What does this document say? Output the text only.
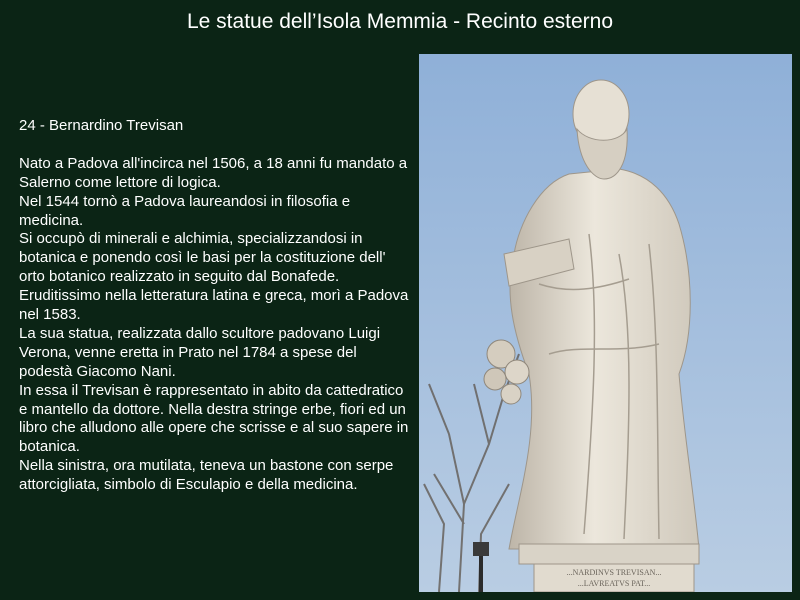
Le statue dell’Isola Memmia - Recinto esterno
24 - Bernardino Trevisan
Nato a Padova all'incirca nel 1506, a 18 anni fu mandato a Salerno come lettore di logica.
Nel 1544 tornò a Padova laureandosi in filosofia e medicina.
Si occupò di minerali e alchimia, specializzandosi in botanica e ponendo così le basi per la costituzione dell' orto botanico realizzato in seguito dal Bonafede.
Eruditissimo nella letteratura latina e greca, morì a Padova nel 1583.
La sua statua, realizzata dallo scultore padovano Luigi Verona, venne eretta in Prato nel 1784 a spese del podestà Giacomo Nani.
In essa il Trevisan è rappresentato in abito da cattedratico e mantello da dottore. Nella destra stringe erbe, fiori ed un libro che alludono alle opere che scrisse e al suo sapere in botanica.
Nella sinistra, ora mutilata, teneva un bastone con serpe attorcigliata, simbolo di Esculapio e della medicina.
...NARDINVS TREVISAN...
...LAVREATVS PAT...
